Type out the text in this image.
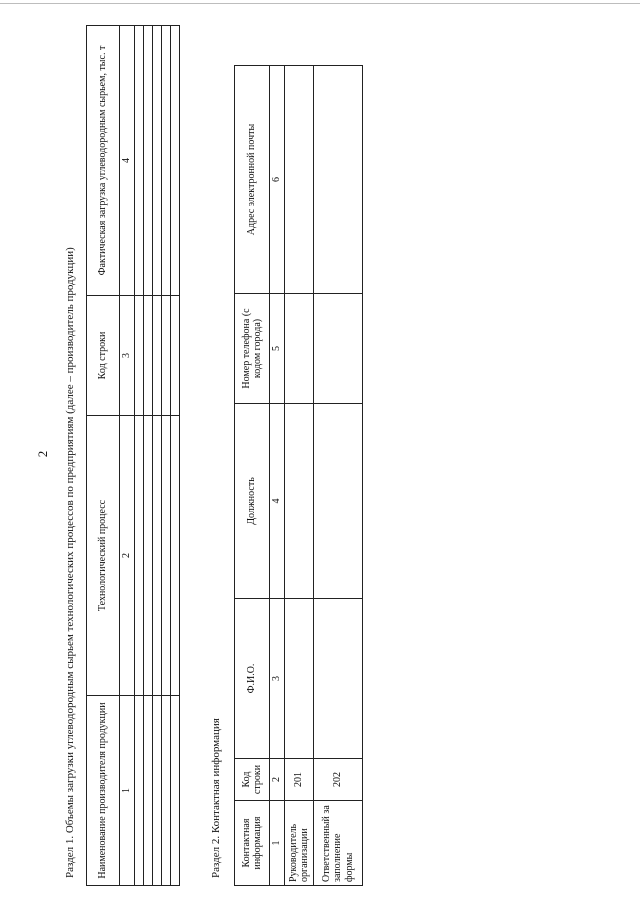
2 Раздел 1. Объемы загрузки углеводородным сырьем технологических процессов по предприятиям (далее – производитель продукции) Наименование производителя продукции	Технологический процесс	Код строки	Фактическая загрузка углеводородным сырьем, тыс. т
1	2	3	4

Раздел 2. Контактная информация Контактная информация	Код строки	Ф.И.О.	Должность	Номер телефона (с кодом города)	Адрес электронной почты
1	2	3	4	5	6
Руководитель организации	201				
Ответственный за заполнение формы	202				
